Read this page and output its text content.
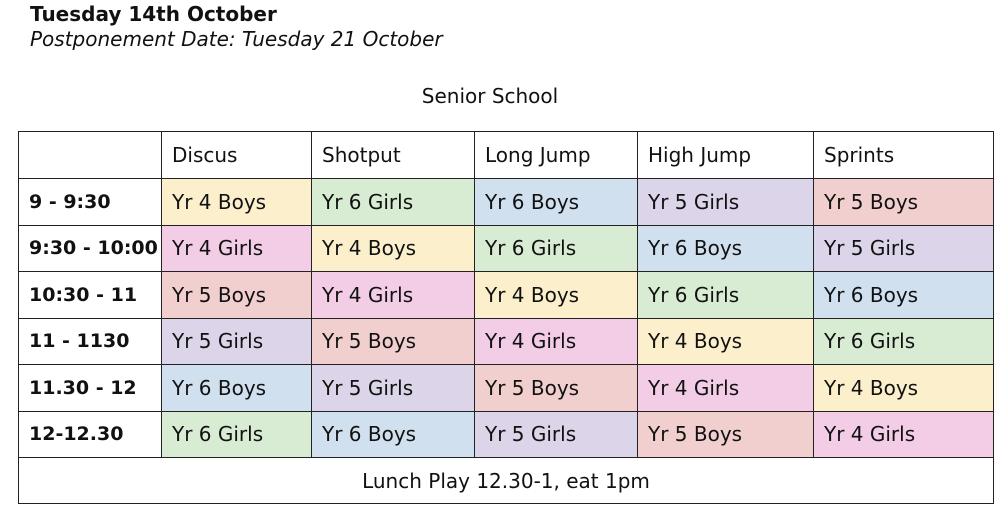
Tuesday 14th October
Postponement Date: Tuesday 21 October
Senior School
	Discus	Shotput	Long Jump	High Jump	Sprints
9 - 9:30	Yr 4 Boys	Yr 6 Girls	Yr 6 Boys	Yr 5 Girls	Yr 5 Boys
9:30 - 10:00	Yr 4 Girls	Yr 4 Boys	Yr 6 Girls	Yr 6 Boys	Yr 5 Girls
10:30 - 11	Yr 5 Boys	Yr 4 Girls	Yr 4 Boys	Yr 6 Girls	Yr 6 Boys
11 - 1130	Yr 5 Girls	Yr 5 Boys	Yr 4 Girls	Yr 4 Boys	Yr 6 Girls
11.30 - 12	Yr 6 Boys	Yr 5 Girls	Yr 5 Boys	Yr 4 Girls	Yr 4 Boys
12-12.30	Yr 6 Girls	Yr 6 Boys	Yr 5 Girls	Yr 5 Boys	Yr 4 Girls
Lunch Play 12.30-1, eat 1pm					
